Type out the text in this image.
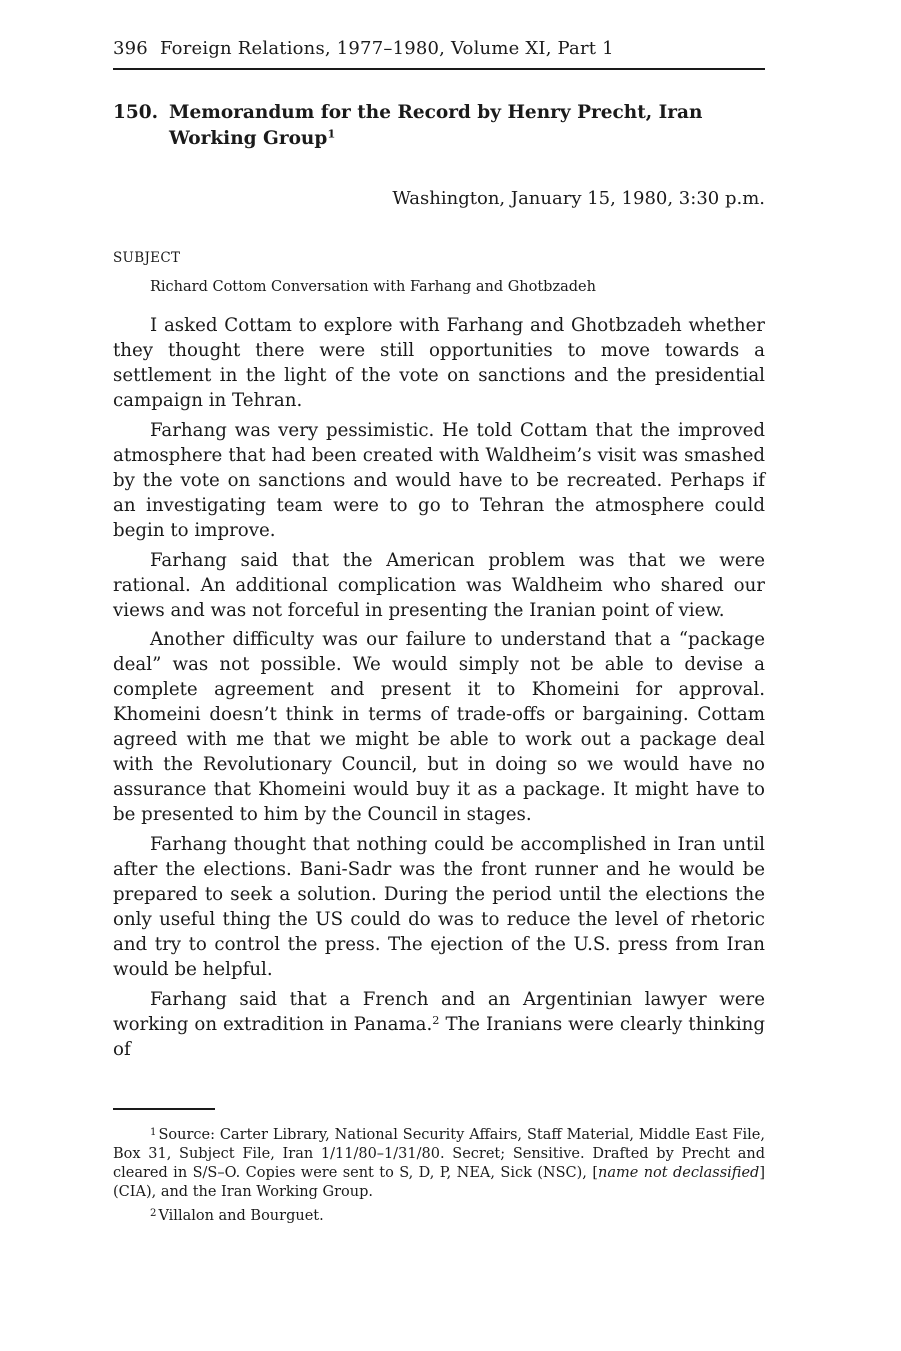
396 Foreign Relations, 1977–1980, Volume XI, Part 1
150. Memorandum for the Record by Henry Precht, Iran Working Group$^1$
Washington, January 15, 1980, 3:30 p.m.
SUBJECT
Richard Cottom Conversation with Farhang and Ghotbzadeh

I asked Cottam to explore with Farhang and Ghotbzadeh whether they thought there were still opportunities to move towards a settlement in the light of the vote on sanctions and the presidential campaign in Tehran.

Farhang was very pessimistic. He told Cottam that the improved atmosphere that had been created with Waldheim’s visit was smashed by the vote on sanctions and would have to be recreated. Perhaps if an investigating team were to go to Tehran the atmosphere could begin to improve.

Farhang said that the American problem was that we were rational. An additional complication was Waldheim who shared our views and was not forceful in presenting the Iranian point of view.

Another difficulty was our failure to understand that a “package deal” was not possible. We would simply not be able to devise a complete agreement and present it to Khomeini for approval. Khomeini doesn’t think in terms of trade-offs or bargaining. Cottam agreed with me that we might be able to work out a package deal with the Revolutionary Council, but in doing so we would have no assurance that Khomeini would buy it as a package. It might have to be presented to him by the Council in stages.

Farhang thought that nothing could be accomplished in Iran until after the elections. Bani-Sadr was the front runner and he would be prepared to seek a solution. During the period until the elections the only useful thing the US could do was to reduce the level of rhetoric and try to control the press. The ejection of the U.S. press from Iran would be helpful.

Farhang said that a French and an Argentinian lawyer were working on extradition in Panama.$^2$ The Iranians were clearly thinking of

$^1$ Source: Carter Library, National Security Affairs, Staff Material, Middle East File, Box 31, Subject File, Iran 1/11/80–1/31/80. Secret; Sensitive. Drafted by Precht and cleared in S/S–O. Copies were sent to S, D, P, NEA, Sick (NSC), [name not declassified] (CIA), and the Iran Working Group.

$^2$ Villalon and Bourguet.
